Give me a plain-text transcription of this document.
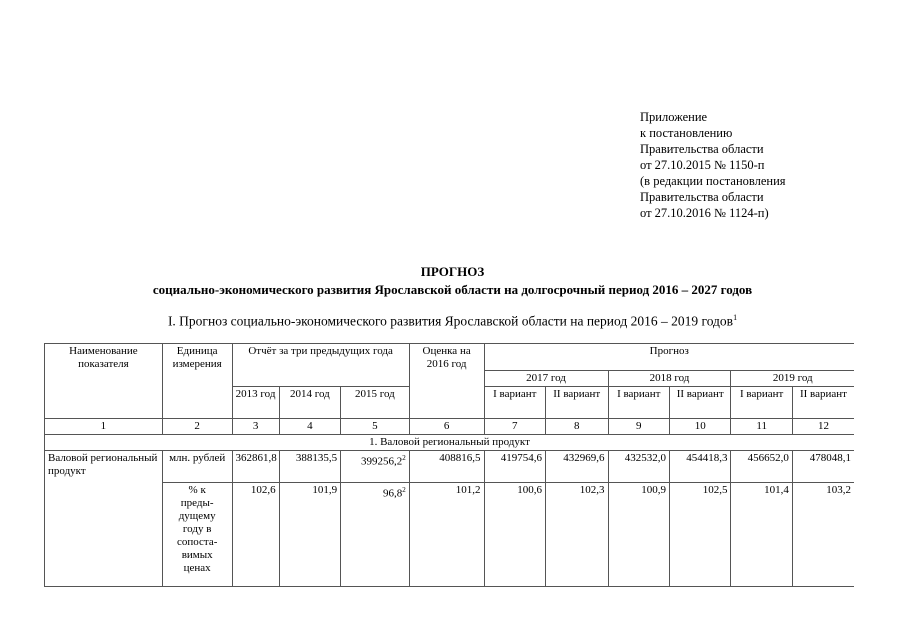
Приложение
к постановлению
Правительства области
от 27.10.2015 № 1150-п
(в редакции постановления
Правительства области
от 27.10.2016 № 1124-п)
ПРОГНОЗ
социально-экономического развития Ярославской области на долгосрочный период 2016 – 2027 годов
I. Прогноз социально-экономического развития Ярославской области на период 2016 – 2019 годов$^1$
Наименование показателя	Единица измерения	Отчёт за три предыдущих года			Оценка на 2016 год	Прогноз					
						2017 год		2018 год		2019 год	
		2013 год	2014 год	2015 год		I вариант	II вариант	I вариант	II вариант	I вариант	II вариант
1	2	3	4	5	6	7	8	9	10	11	12
1. Валовой региональный продукт											
Валовой региональный продукт	млн. рублей	362861,8	388135,5	399256,2$^2$	408816,5	419754,6	432969,6	432532,0	454418,3	456652,0	478048,1
	% к преды-дущему году в сопоста-вимых ценах	102,6	101,9	96,8$^2$	101,2	100,6	102,3	100,9	102,5	101,4	103,2
